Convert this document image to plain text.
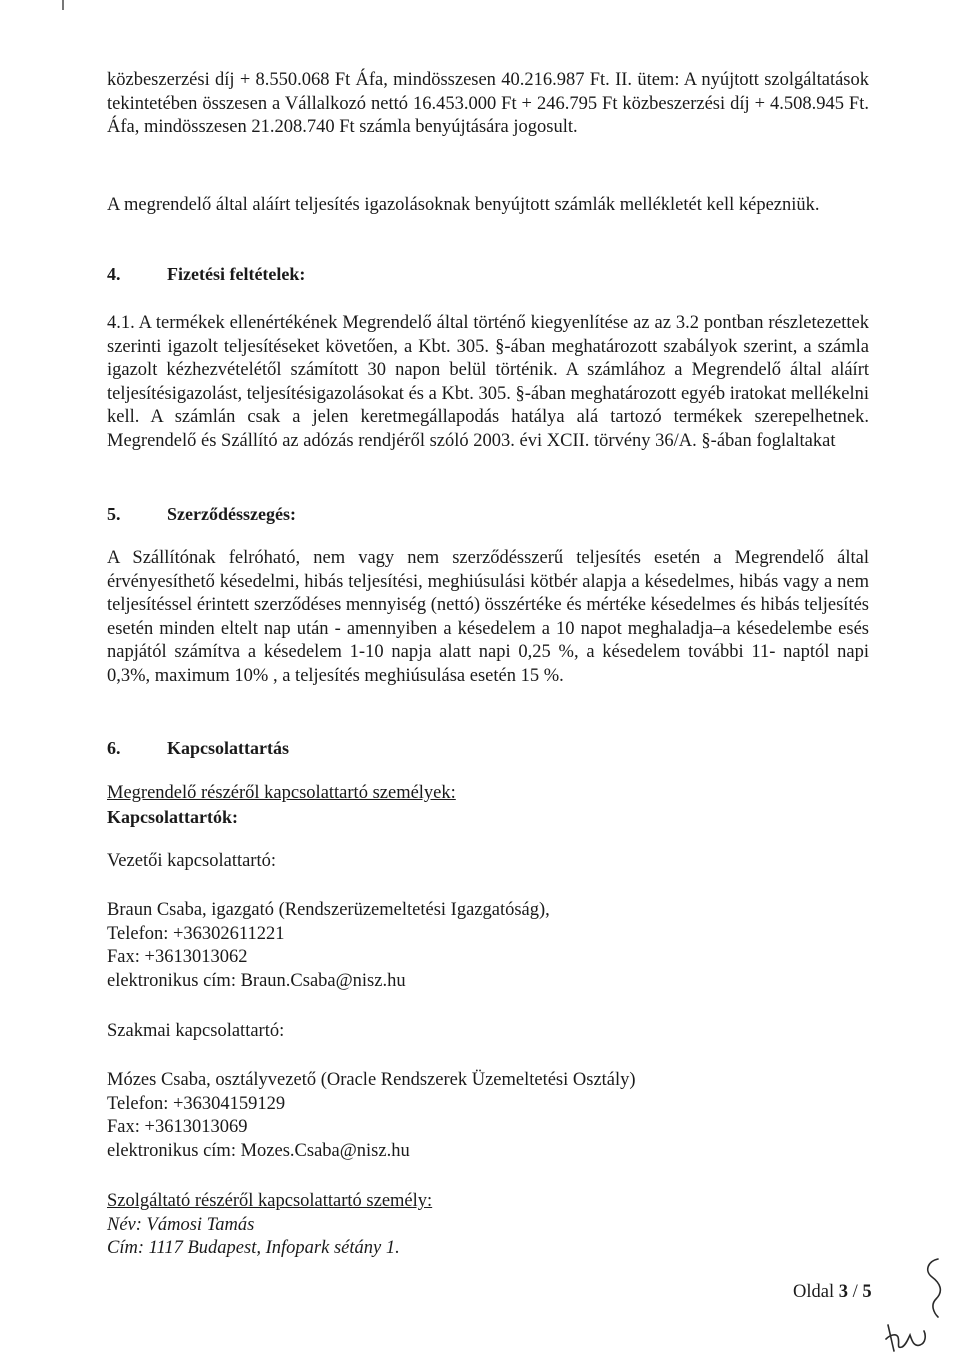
közbeszerzési díj + 8.550.068 Ft Áfa, mindösszesen 40.216.987 Ft. II. ütem: A nyújtott szolgáltatások tekintetében összesen a Vállalkozó nettó 16.453.000 Ft + 246.795 Ft közbeszerzési díj + 4.508.945 Ft. Áfa, mindösszesen 21.208.740 Ft számla benyújtására jogosult.
A megrendelő által aláírt teljesítés igazolásoknak benyújtott számlák mellékletét kell képezniük.
4.	Fizetési feltételek:
4.1. A termékek ellenértékének Megrendelő által történő kiegyenlítése az az 3.2 pontban részletezettek szerinti igazolt teljesítéseket követően, a Kbt. 305. §-ában meghatározott szabályok szerint, a számla igazolt kézhezvételétől számított 30 napon belül történik. A számlához a Megrendelő által aláírt teljesítésigazolást, teljesítésigazolásokat és a Kbt. 305. §-ában meghatározott egyéb iratokat mellékelni kell. A számlán csak a jelen keretmegállapodás hatálya alá tartozó termékek szerepelhetnek. Megrendelő és Szállító az adózás rendjéről szóló 2003. évi XCII. törvény 36/A. §-ában foglaltakat
5.	Szerződésszegés:
A Szállítónak felróható, nem vagy nem szerződésszerű teljesítés esetén a Megrendelő által érvényesíthető késedelmi, hibás teljesítési, meghiúsulási kötbér alapja a késedelmes, hibás vagy a nem teljesítéssel érintett szerződéses mennyiség (nettó) összértéke és mértéke késedelmes és hibás teljesítés esetén minden eltelt nap után - amennyiben a késedelem a 10 napot meghaladja–a késedelembe esés napjától számítva a késedelem 1-10 napja alatt napi 0,25 %, a késedelem további 11- naptól napi 0,3%, maximum 10% , a teljesítés meghiúsulása esetén 15 %.
6.	Kapcsolattartás
Megrendelő részéről kapcsolattartó személyek:
Kapcsolattartók:
Vezetői kapcsolattartó:
Braun Csaba, igazgató (Rendszerüzemeltetési Igazgatóság),
Telefon: +36302611221
Fax: +3613013062
elektronikus cím: Braun.Csaba@nisz.hu
Szakmai kapcsolattartó:
Mózes Csaba, osztályvezető (Oracle Rendszerek Üzemeltetési Osztály)
Telefon: +36304159129
Fax: +3613013069
elektronikus cím: Mozes.Csaba@nisz.hu
Szolgáltató részéről kapcsolattartó személy:
Név: Vámosi Tamás
Cím: 1117 Budapest, Infopark sétány 1.
Oldal 3 / 5
